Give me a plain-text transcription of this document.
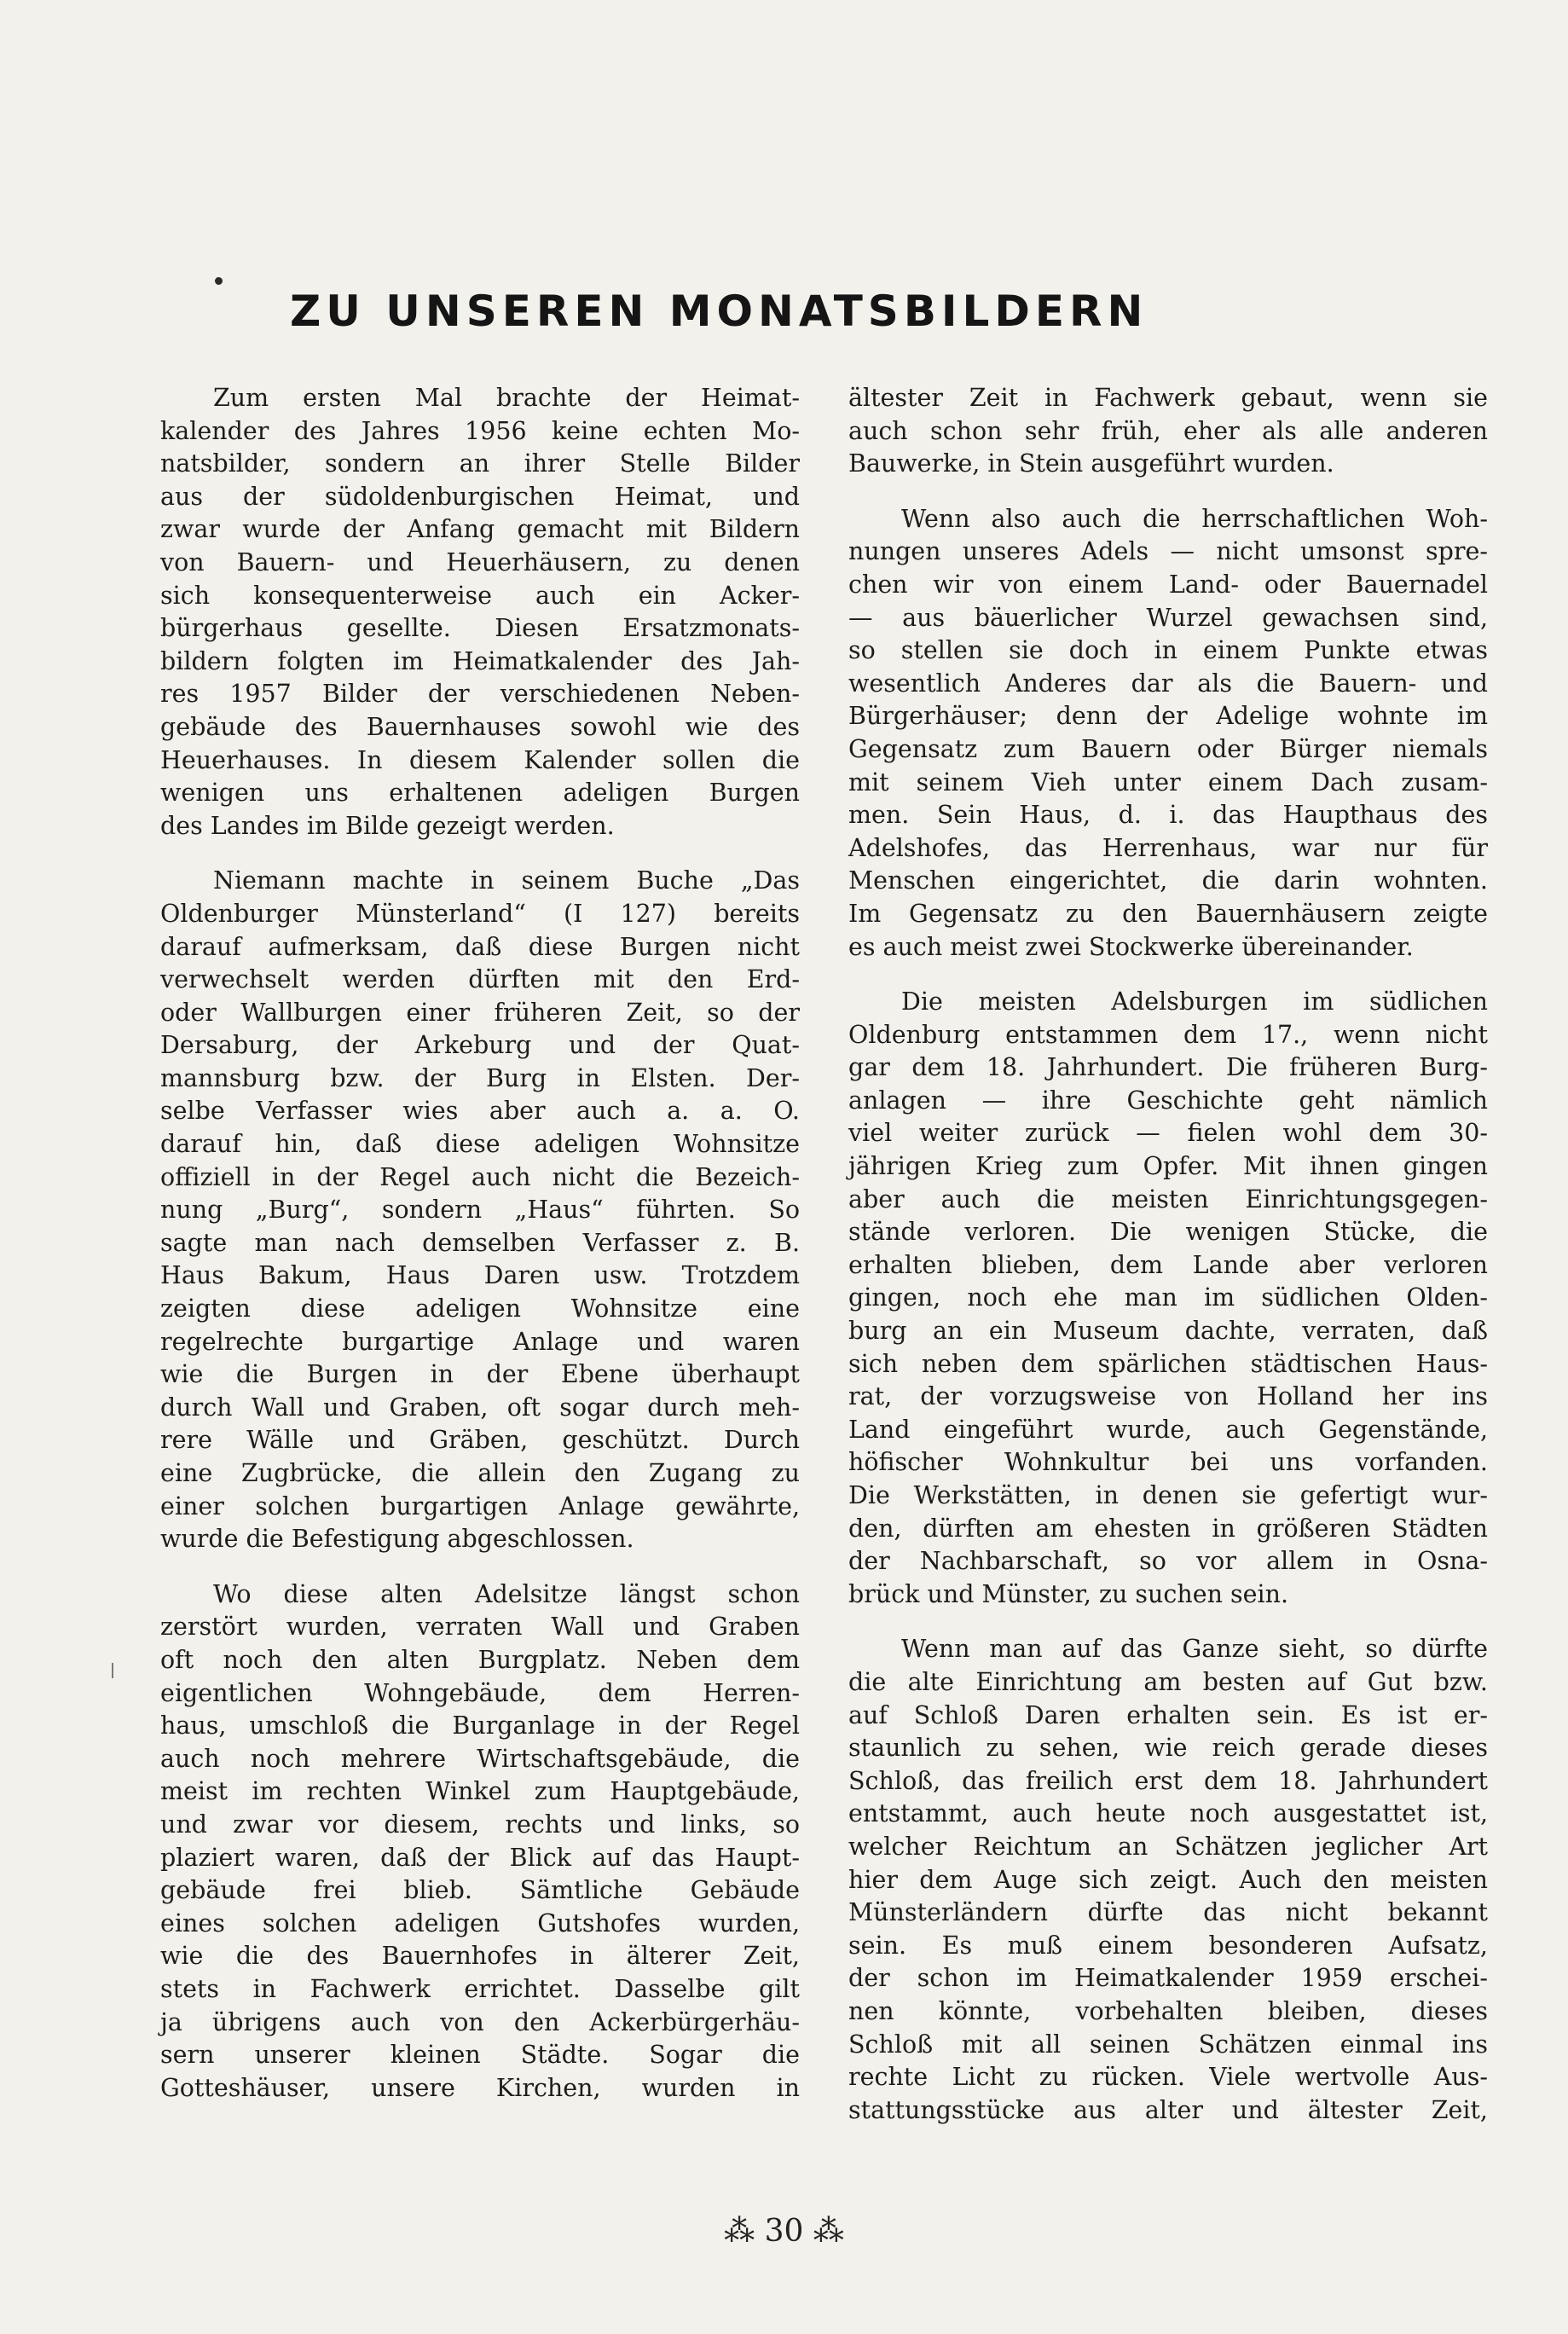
ZU UNSEREN MONATSBILDERN

Zum ersten Mal brachte der Heimat-
kalender des Jahres 1956 keine echten Mo-
natsbilder, sondern an ihrer Stelle Bilder
aus der südoldenburgischen Heimat, und
zwar wurde der Anfang gemacht mit Bildern
von Bauern- und Heuerhäusern, zu denen
sich konsequenterweise auch ein Acker-
bürgerhaus gesellte. Diesen Ersatzmonats-
bildern folgten im Heimatkalender des Jah-
res 1957 Bilder der verschiedenen Neben-
gebäude des Bauernhauses sowohl wie des
Heuerhauses. In diesem Kalender sollen die
wenigen uns erhaltenen adeligen Burgen
des Landes im Bilde gezeigt werden.

Niemann machte in seinem Buche „Das
Oldenburger Münsterland“ (I 127) bereits
darauf aufmerksam, daß diese Burgen nicht
verwechselt werden dürften mit den Erd-
oder Wallburgen einer früheren Zeit, so der
Dersaburg, der Arkeburg und der Quat-
mannsburg bzw. der Burg in Elsten. Der-
selbe Verfasser wies aber auch a. a. O.
darauf hin, daß diese adeligen Wohnsitze
offiziell in der Regel auch nicht die Bezeich-
nung „Burg“, sondern „Haus“ führten. So
sagte man nach demselben Verfasser z. B.
Haus Bakum, Haus Daren usw. Trotzdem
zeigten diese adeligen Wohnsitze eine
regelrechte burgartige Anlage und waren
wie die Burgen in der Ebene überhaupt
durch Wall und Graben, oft sogar durch meh-
rere Wälle und Gräben, geschützt. Durch
eine Zugbrücke, die allein den Zugang zu
einer solchen burgartigen Anlage gewährte,
wurde die Befestigung abgeschlossen.

Wo diese alten Adelsitze längst schon
zerstört wurden, verraten Wall und Graben
oft noch den alten Burgplatz. Neben dem
eigentlichen Wohngebäude, dem Herren-
haus, umschloß die Burganlage in der Regel
auch noch mehrere Wirtschaftsgebäude, die
meist im rechten Winkel zum Hauptgebäude,
und zwar vor diesem, rechts und links, so
plaziert waren, daß der Blick auf das Haupt-
gebäude frei blieb. Sämtliche Gebäude
eines solchen adeligen Gutshofes wurden,
wie die des Bauernhofes in älterer Zeit,
stets in Fachwerk errichtet. Dasselbe gilt
ja übrigens auch von den Ackerbürgerhäu-
sern unserer kleinen Städte. Sogar die
Gotteshäuser, unsere Kirchen, wurden in

ältester Zeit in Fachwerk gebaut, wenn sie
auch schon sehr früh, eher als alle anderen
Bauwerke, in Stein ausgeführt wurden.

Wenn also auch die herrschaftlichen Woh-
nungen unseres Adels — nicht umsonst spre-
chen wir von einem Land- oder Bauernadel
— aus bäuerlicher Wurzel gewachsen sind,
so stellen sie doch in einem Punkte etwas
wesentlich Anderes dar als die Bauern- und
Bürgerhäuser; denn der Adelige wohnte im
Gegensatz zum Bauern oder Bürger niemals
mit seinem Vieh unter einem Dach zusam-
men. Sein Haus, d. i. das Haupthaus des
Adelshofes, das Herrenhaus, war nur für
Menschen eingerichtet, die darin wohnten.
Im Gegensatz zu den Bauernhäusern zeigte
es auch meist zwei Stockwerke übereinander.

Die meisten Adelsburgen im südlichen
Oldenburg entstammen dem 17., wenn nicht
gar dem 18. Jahrhundert. Die früheren Burg-
anlagen — ihre Geschichte geht nämlich
viel weiter zurück — fielen wohl dem 30-
jährigen Krieg zum Opfer. Mit ihnen gingen
aber auch die meisten Einrichtungsgegen-
stände verloren. Die wenigen Stücke, die
erhalten blieben, dem Lande aber verloren
gingen, noch ehe man im südlichen Olden-
burg an ein Museum dachte, verraten, daß
sich neben dem spärlichen städtischen Haus-
rat, der vorzugsweise von Holland her ins
Land eingeführt wurde, auch Gegenstände,
höfischer Wohnkultur bei uns vorfanden.
Die Werkstätten, in denen sie gefertigt wur-
den, dürften am ehesten in größeren Städten
der Nachbarschaft, so vor allem in Osna-
brück und Münster, zu suchen sein.

Wenn man auf das Ganze sieht, so dürfte
die alte Einrichtung am besten auf Gut bzw.
auf Schloß Daren erhalten sein. Es ist er-
staunlich zu sehen, wie reich gerade dieses
Schloß, das freilich erst dem 18. Jahrhundert
entstammt, auch heute noch ausgestattet ist,
welcher Reichtum an Schätzen jeglicher Art
hier dem Auge sich zeigt. Auch den meisten
Münsterländern dürfte das nicht bekannt
sein. Es muß einem besonderen Aufsatz,
der schon im Heimatkalender 1959 erschei-
nen könnte, vorbehalten bleiben, dieses
Schloß mit all seinen Schätzen einmal ins
rechte Licht zu rücken. Viele wertvolle Aus-
stattungsstücke aus alter und ältester Zeit,

⁂ 30 ⁂
